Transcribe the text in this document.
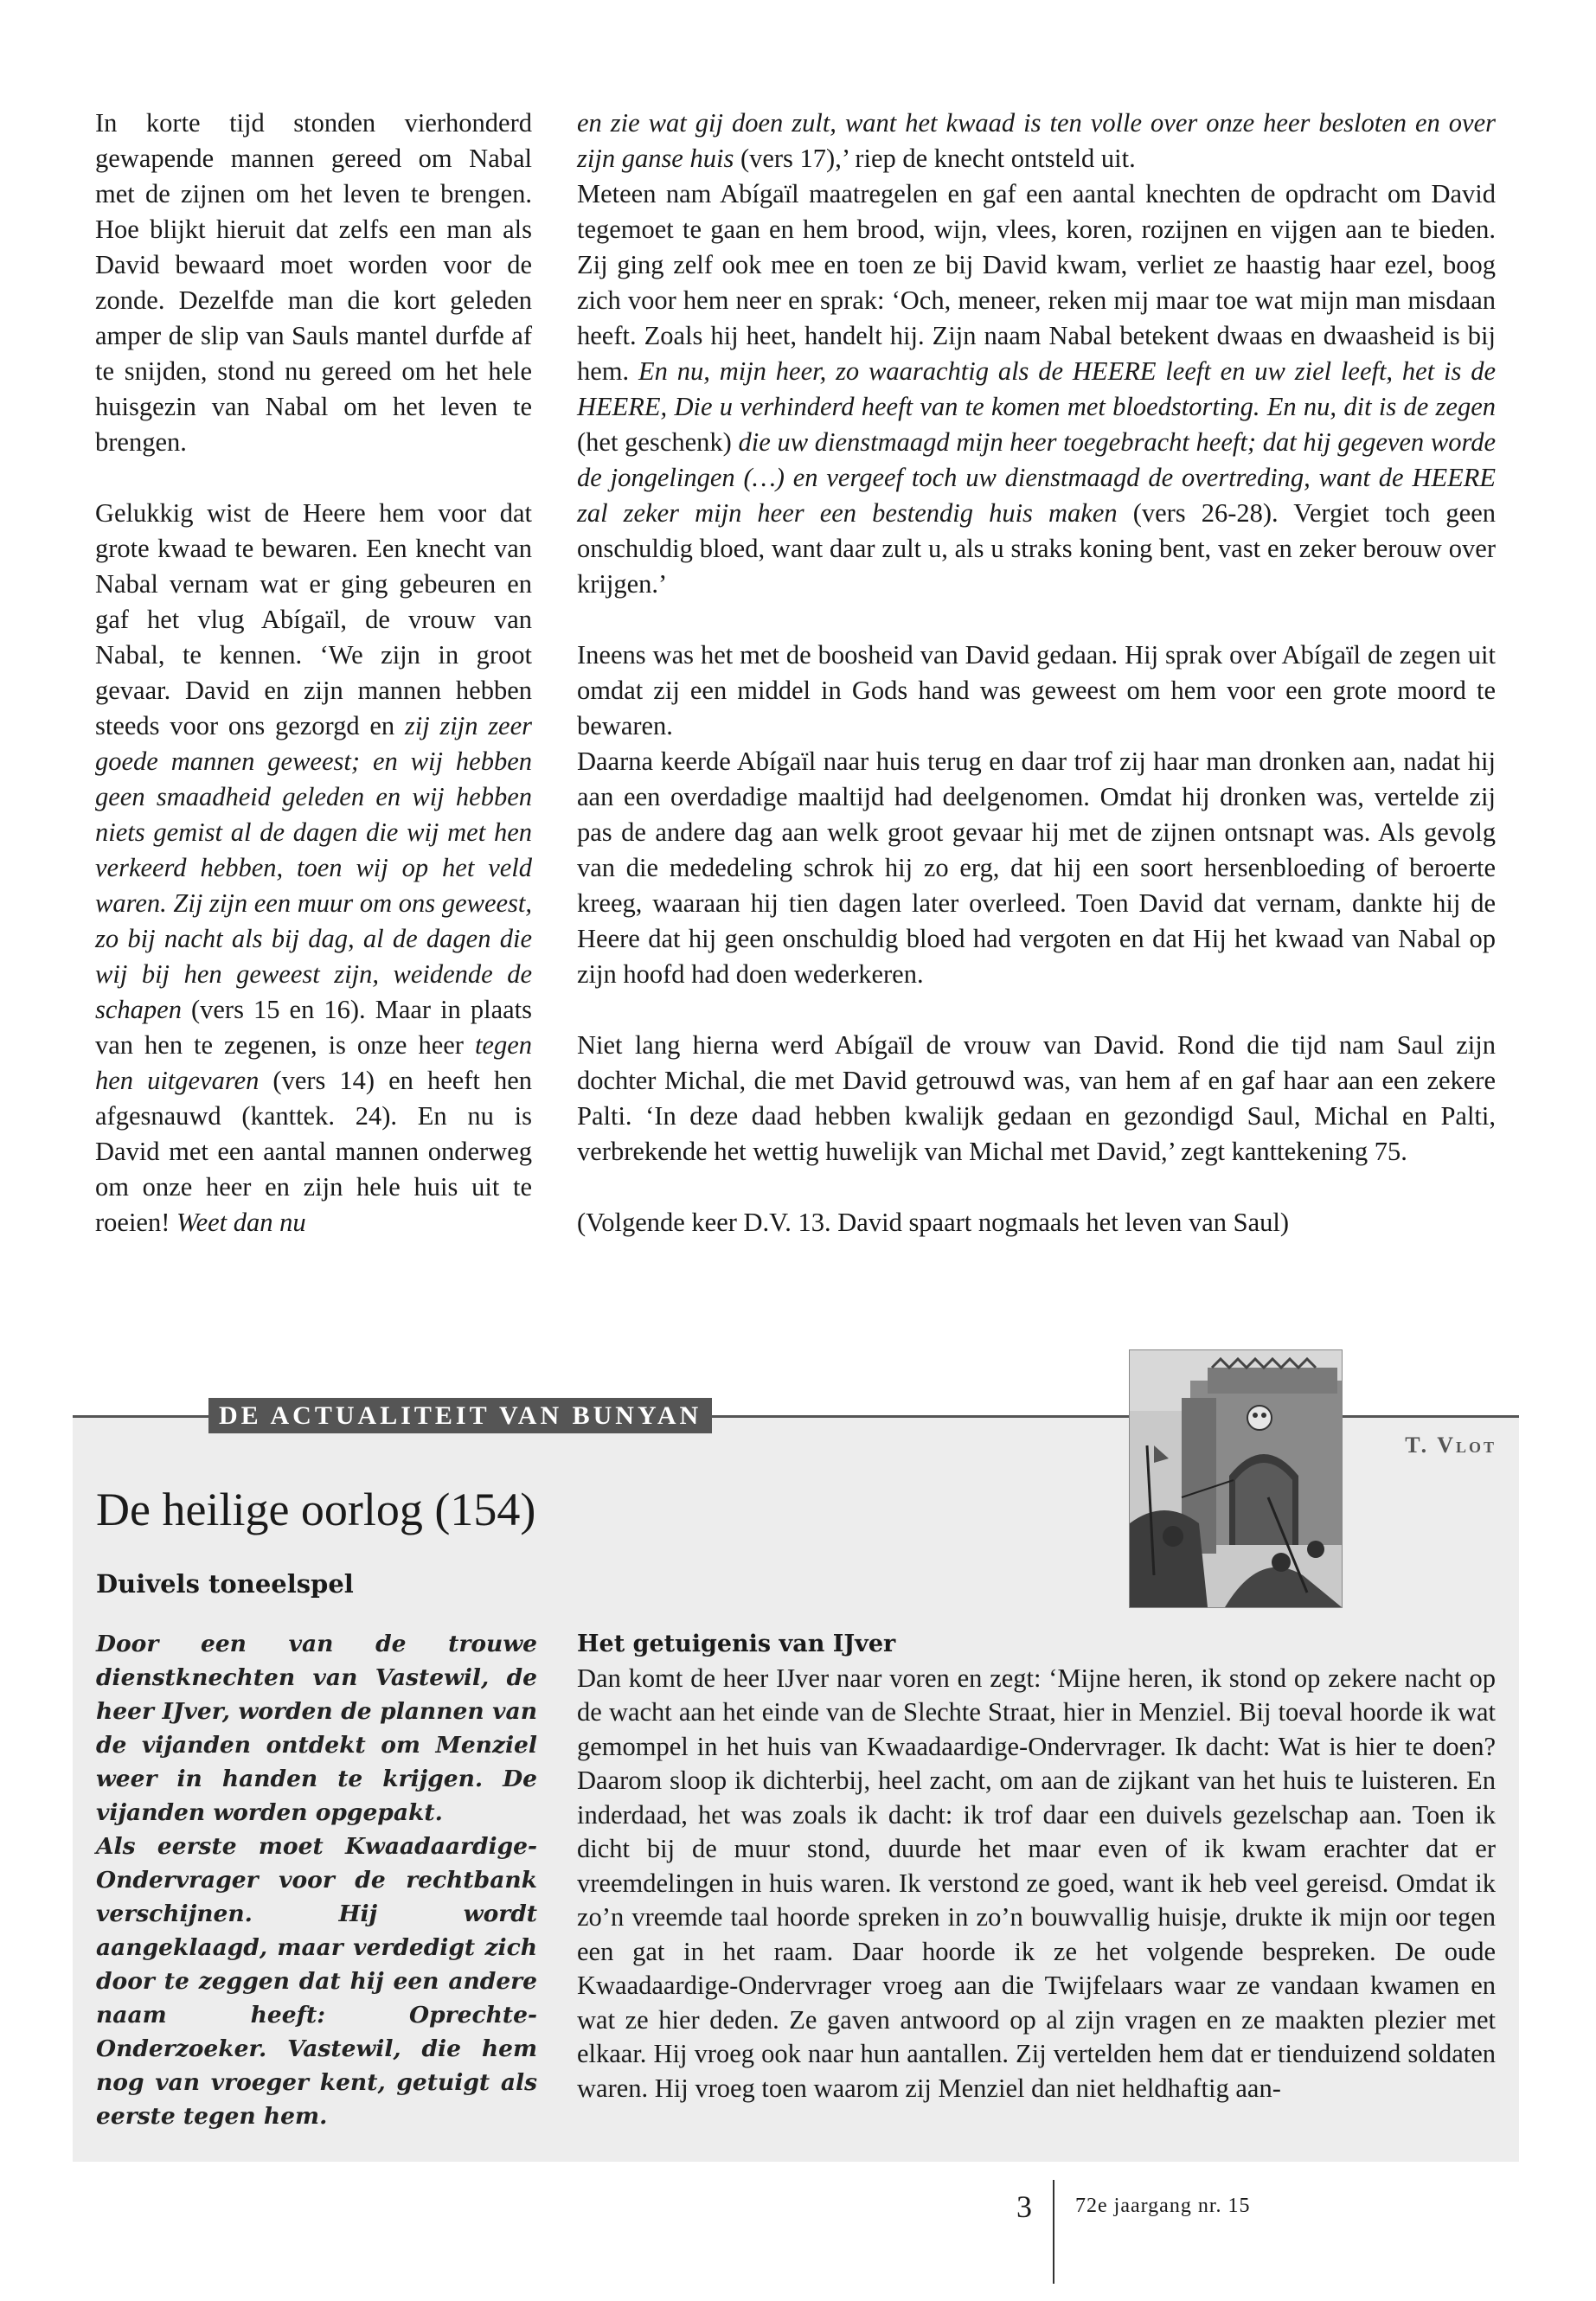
In korte tijd stonden vierhonderd gewapende mannen gereed om Nabal met de zijnen om het leven te brengen. Hoe blijkt hieruit dat zelfs een man als David bewaard moet worden voor de zonde. Dezelfde man die kort geleden amper de slip van Sauls mantel durfde af te snijden, stond nu gereed om het hele huisgezin van Nabal om het leven te brengen.

Gelukkig wist de Heere hem voor dat grote kwaad te bewaren. Een knecht van Nabal vernam wat er ging gebeuren en gaf het vlug Abígaïl, de vrouw van Nabal, te kennen. ‘We zijn in groot gevaar. David en zijn mannen hebben steeds voor ons gezorgd en zij zijn zeer goede mannen geweest; en wij hebben geen smaadheid geleden en wij hebben niets gemist al de dagen die wij met hen verkeerd hebben, toen wij op het veld waren. Zij zijn een muur om ons geweest, zo bij nacht als bij dag, al de dagen die wij bij hen geweest zijn, weidende de schapen (vers 15 en 16). Maar in plaats van hen te zegenen, is onze heer tegen hen uitgevaren (vers 14) en heeft hen afgesnauwd (kanttek. 24). En nu is David met een aantal mannen onderweg om onze heer en zijn hele huis uit te roeien! Weet dan nu

en zie wat gij doen zult, want het kwaad is ten volle over onze heer besloten en over zijn ganse huis (vers 17),’ riep de knecht ontsteld uit.

Meteen nam Abígaïl maatregelen en gaf een aantal knechten de opdracht om David tegemoet te gaan en hem brood, wijn, vlees, koren, rozijnen en vijgen aan te bieden. Zij ging zelf ook mee en toen ze bij David kwam, verliet ze haastig haar ezel, boog zich voor hem neer en sprak: ‘Och, meneer, reken mij maar toe wat mijn man misdaan heeft. Zoals hij heet, handelt hij. Zijn naam Nabal betekent dwaas en dwaasheid is bij hem. En nu, mijn heer, zo waarachtig als de HEERE leeft en uw ziel leeft, het is de HEERE, Die u verhinderd heeft van te komen met bloedstorting. En nu, dit is de zegen (het geschenk) die uw dienstmaagd mijn heer toegebracht heeft; dat hij gegeven worde de jongelingen (…) en vergeef toch uw dienstmaagd de overtreding, want de HEERE zal zeker mijn heer een bestendig huis maken (vers 26-28). Vergiet toch geen onschuldig bloed, want daar zult u, als u straks koning bent, vast en zeker berouw over krijgen.’

Ineens was het met de boosheid van David gedaan. Hij sprak over Abígaïl de zegen uit omdat zij een middel in Gods hand was geweest om hem voor een grote moord te bewaren.

Daarna keerde Abígaïl naar huis terug en daar trof zij haar man dronken aan, nadat hij aan een overdadige maaltijd had deelgenomen. Omdat hij dronken was, vertelde zij pas de andere dag aan welk groot gevaar hij met de zijnen ontsnapt was. Als gevolg van die mededeling schrok hij zo erg, dat hij een soort hersenbloeding of beroerte kreeg, waaraan hij tien dagen later overleed. Toen David dat vernam, dankte hij de Heere dat hij geen onschuldig bloed had vergoten en dat Hij het kwaad van Nabal op zijn hoofd had doen wederkeren.

Niet lang hierna werd Abígaïl de vrouw van David. Rond die tijd nam Saul zijn dochter Michal, die met David getrouwd was, van hem af en gaf haar aan een zekere Palti. ‘In deze daad hebben kwalijk gedaan en gezondigd Saul, Michal en Palti, verbrekende het wettig huwelijk van Michal met David,’ zegt kanttekening 75.

(Volgende keer D.V. 13. David spaart nogmaals het leven van Saul)

DE ACTUALITEIT VAN BUNYAN
T. Vlot
De heilige oorlog (154)
Duivels toneelspel

Door een van de trouwe dienstknechten van Vastewil, de heer IJver, worden de plannen van de vijanden ontdekt om Menziel weer in handen te krijgen. De vijanden worden opgepakt.

Als eerste moet Kwaadaardige-Ondervrager voor de rechtbank verschijnen. Hij wordt aangeklaagd, maar verdedigt zich door te zeggen dat hij een andere naam heeft: Oprechte-Onderzoeker. Vastewil, die hem nog van vroeger kent, getuigt als eerste tegen hem.

Het getuigenis van IJver

Dan komt de heer IJver naar voren en zegt: ‘Mijne heren, ik stond op zekere nacht op de wacht aan het einde van de Slechte Straat, hier in Menziel. Bij toeval hoorde ik wat gemompel in het huis van Kwaadaardige-Ondervrager. Ik dacht: Wat is hier te doen? Daarom sloop ik dichterbij, heel zacht, om aan de zijkant van het huis te luisteren. En inderdaad, het was zoals ik dacht: ik trof daar een duivels gezelschap aan. Toen ik dicht bij de muur stond, duurde het maar even of ik kwam erachter dat er vreemdelingen in huis waren. Ik verstond ze goed, want ik heb veel gereisd. Omdat ik zo’n vreemde taal hoorde spreken in zo’n bouwvallig huisje, drukte ik mijn oor tegen een gat in het raam. Daar hoorde ik ze het volgende bespreken. De oude Kwaadaardige-Ondervrager vroeg aan die Twijfelaars waar ze vandaan kwamen en wat ze hier deden. Ze gaven antwoord op al zijn vragen en ze maakten plezier met elkaar. Hij vroeg ook naar hun aantallen. Zij vertelden hem dat er tienduizend soldaten waren. Hij vroeg toen waarom zij Menziel dan niet heldhaftig aan-

3 72e jaargang nr. 15
